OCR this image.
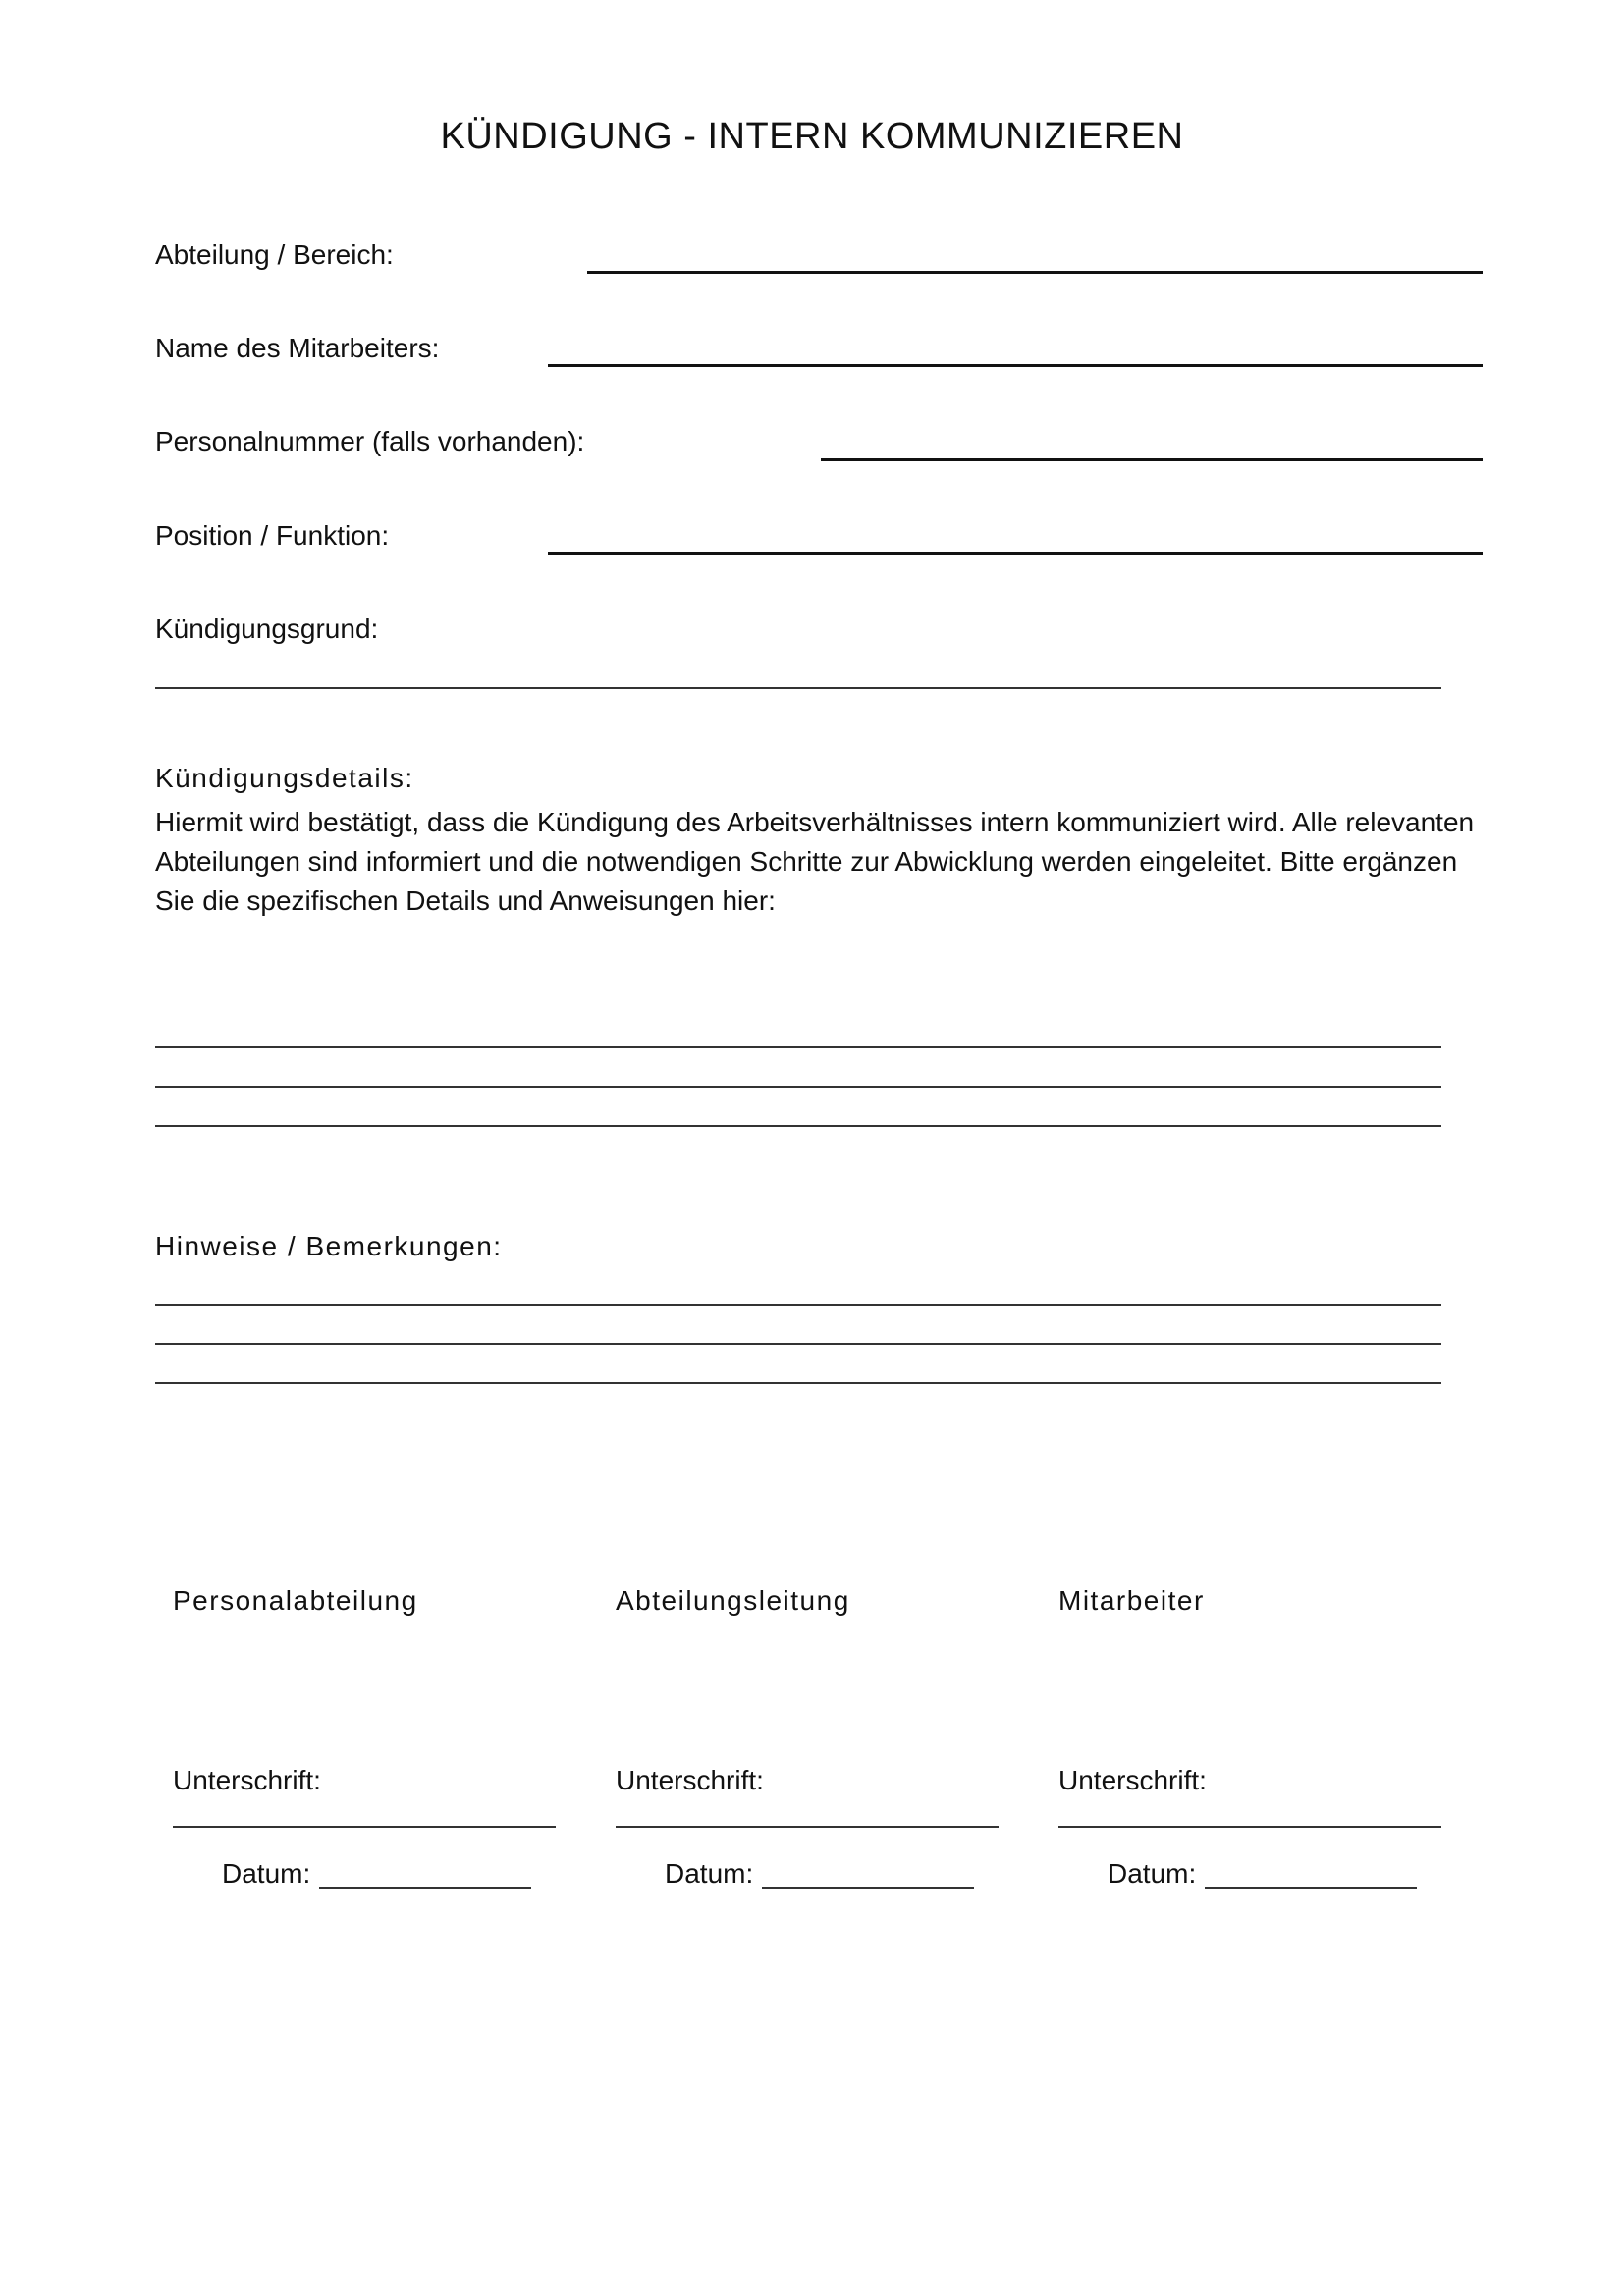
KÜNDIGUNG - INTERN KOMMUNIZIEREN
Abteilung / Bereich:
Name des Mitarbeiters:
Personalnummer (falls vorhanden):
Position / Funktion:
Kündigungsgrund:
Kündigungsdetails:
Hiermit wird bestätigt, dass die Kündigung des Arbeitsverhältnisses intern kommuniziert wird. Alle relevanten Abteilungen sind informiert und die notwendigen Schritte zur Abwicklung werden eingeleitet. Bitte ergänzen Sie die spezifischen Details und Anweisungen hier:
Hinweise / Bemerkungen:
Personalabteilung
Unterschrift:
Datum:
Abteilungsleitung
Unterschrift:
Datum:
Mitarbeiter
Unterschrift:
Datum:
